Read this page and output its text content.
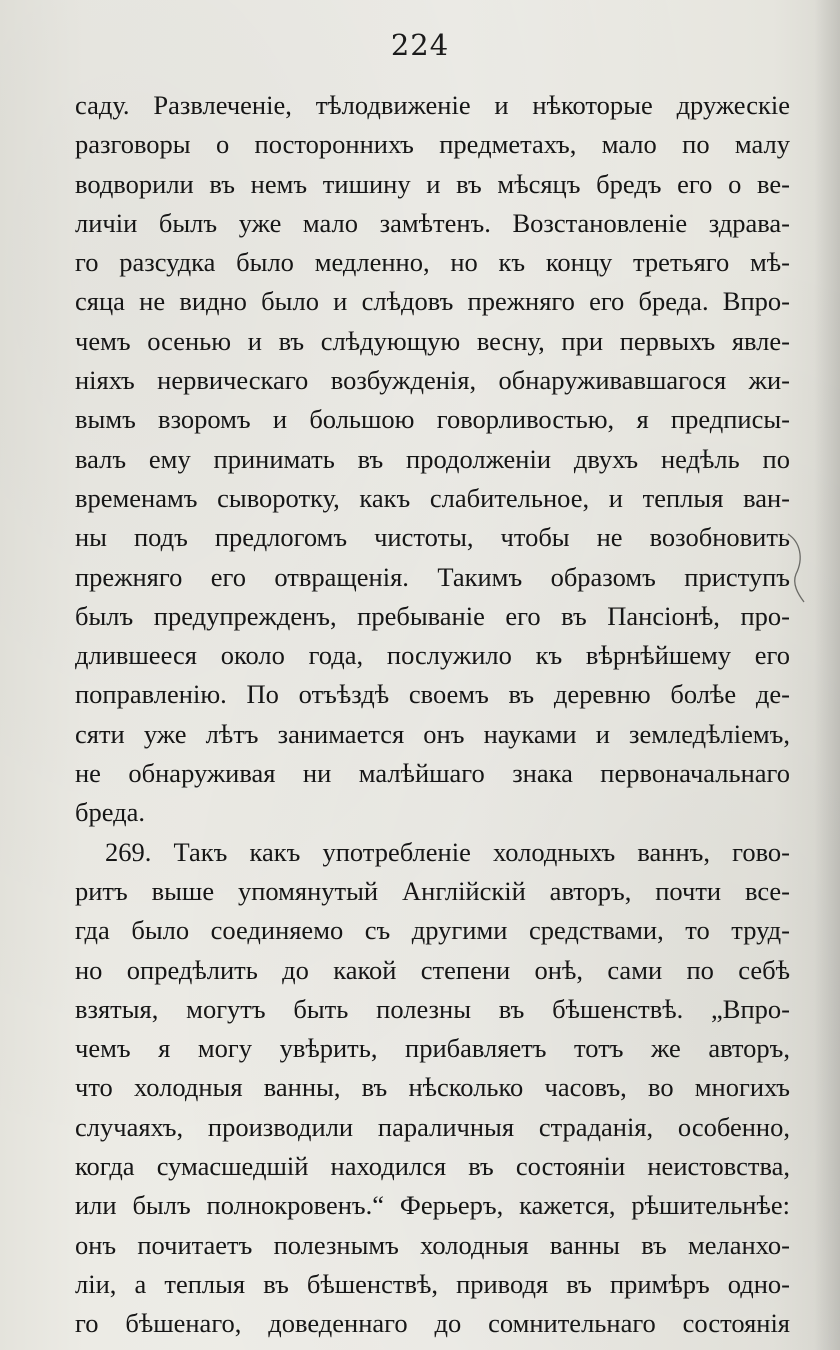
224
саду. Развлеченіе, тѣлодвиженіе и нѣкоторые дружескіе
разговоры о постороннихъ предметахъ, мало по малу
водворили въ немъ тишину и въ мѣсяцъ бредъ его о ве-
личіи былъ уже мало замѣтенъ. Возстановленіе здрава-
го разсудка было медленно, но къ концу третьяго мѣ-
сяца не видно было и слѣдовъ прежняго его бреда. Впро-
чемъ осенью и въ слѣдующую весну, при первыхъ явле-
ніяхъ нервическаго возбужденія, обнаруживавшагося жи-
вымъ взоромъ и большою говорливостью, я предписы-
валъ ему принимать въ продолженіи двухъ недѣль по
временамъ сыворотку, какъ слабительное, и теплыя ван-
ны подъ предлогомъ чистоты, чтобы не возобновить
прежняго его отвращенія. Такимъ образомъ приступъ
былъ предупрежденъ, пребываніе его въ Пансіонѣ, про-
длившееся около года, послужило къ вѣрнѣйшему его
поправленію. По отъѣздѣ своемъ въ деревню болѣе де-
сяти уже лѣтъ занимается онъ науками и земледѣліемъ,
не обнаруживая ни малѣйшаго знака первоначальнаго
бреда.
269. Такъ какъ употребленіе холодныхъ ваннъ, гово-
ритъ выше упомянутый Англійскій авторъ, почти все-
гда было соединяемо съ другими средствами, то труд-
но опредѣлить до какой степени онѣ, сами по себѣ
взятыя, могутъ быть полезны въ бѣшенствѣ. „Впро-
чемъ я могу увѣрить, прибавляетъ тотъ же авторъ,
что холодныя ванны, въ нѣсколько часовъ, во многихъ
случаяхъ, производили параличныя страданія, особенно,
когда сумасшедшій находился въ состояніи неистовства,
или былъ полнокровенъ.“ Ферьеръ, кажется, рѣшительнѣе:
онъ почитаетъ полезнымъ холодныя ванны въ меланхо-
ліи, а теплыя въ бѣшенствѣ, приводя въ примѣръ одно-
го бѣшенаго, доведеннаго до сомнительнаго состоянія
